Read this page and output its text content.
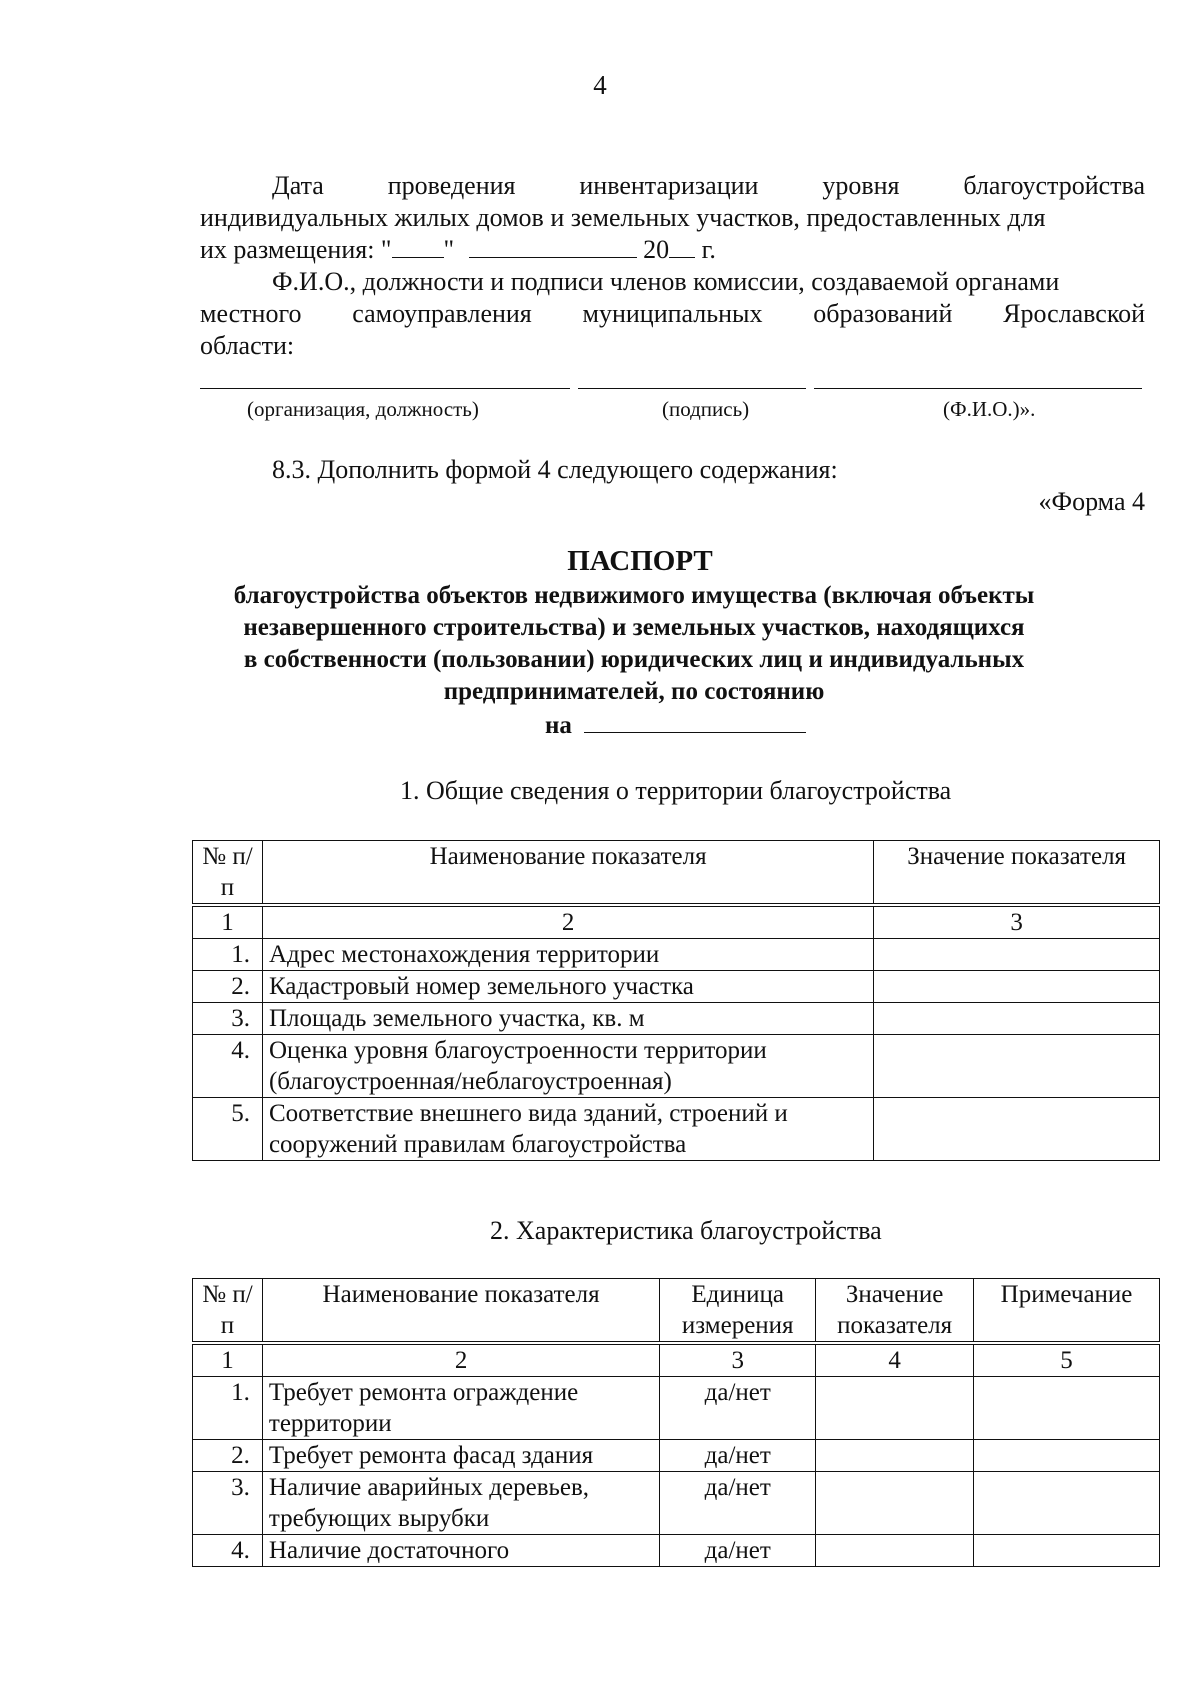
4
Дата проведения инвентаризации уровня благоустройства
индивидуальных жилых домов и земельных участков, предоставленных для
их размещения: " "	20 г.
Ф.И.О., должности и подписи членов комиссии, создаваемой органами
местного самоуправления муниципальных образований Ярославской
области:
(организация, должность)	(подпись)	(Ф.И.О.)».
8.3. Дополнить формой 4 следующего содержания:
«Форма 4
ПАСПОРТ
благоустройства объектов недвижимого имущества (включая объекты
незавершенного строительства) и земельных участков, находящихся
в собственности (пользовании) юридических лиц и индивидуальных
предпринимателей, по состоянию
на
1. Общие сведения о территории благоустройства
№ п/п	Наименование показателя	Значение показателя
1	2	3
1.	Адрес местонахождения территории	
2.	Кадастровый номер земельного участка	
3.	Площадь земельного участка, кв. м	
4.	Оценка уровня благоустроенности территории (благоустроенная/неблагоустроенная)	
5.	Соответствие внешнего вида зданий, строений и сооружений правилам благоустройства	
2. Характеристика благоустройства
№ п/п	Наименование показателя	Единица измерения	Значение показателя	Примечание
1	2	3	4	5
1.	Требует ремонта ограждение территории	да/нет		
2.	Требует ремонта фасад здания	да/нет		
3.	Наличие аварийных деревьев, требующих вырубки	да/нет		
4.	Наличие достаточного	да/нет		
